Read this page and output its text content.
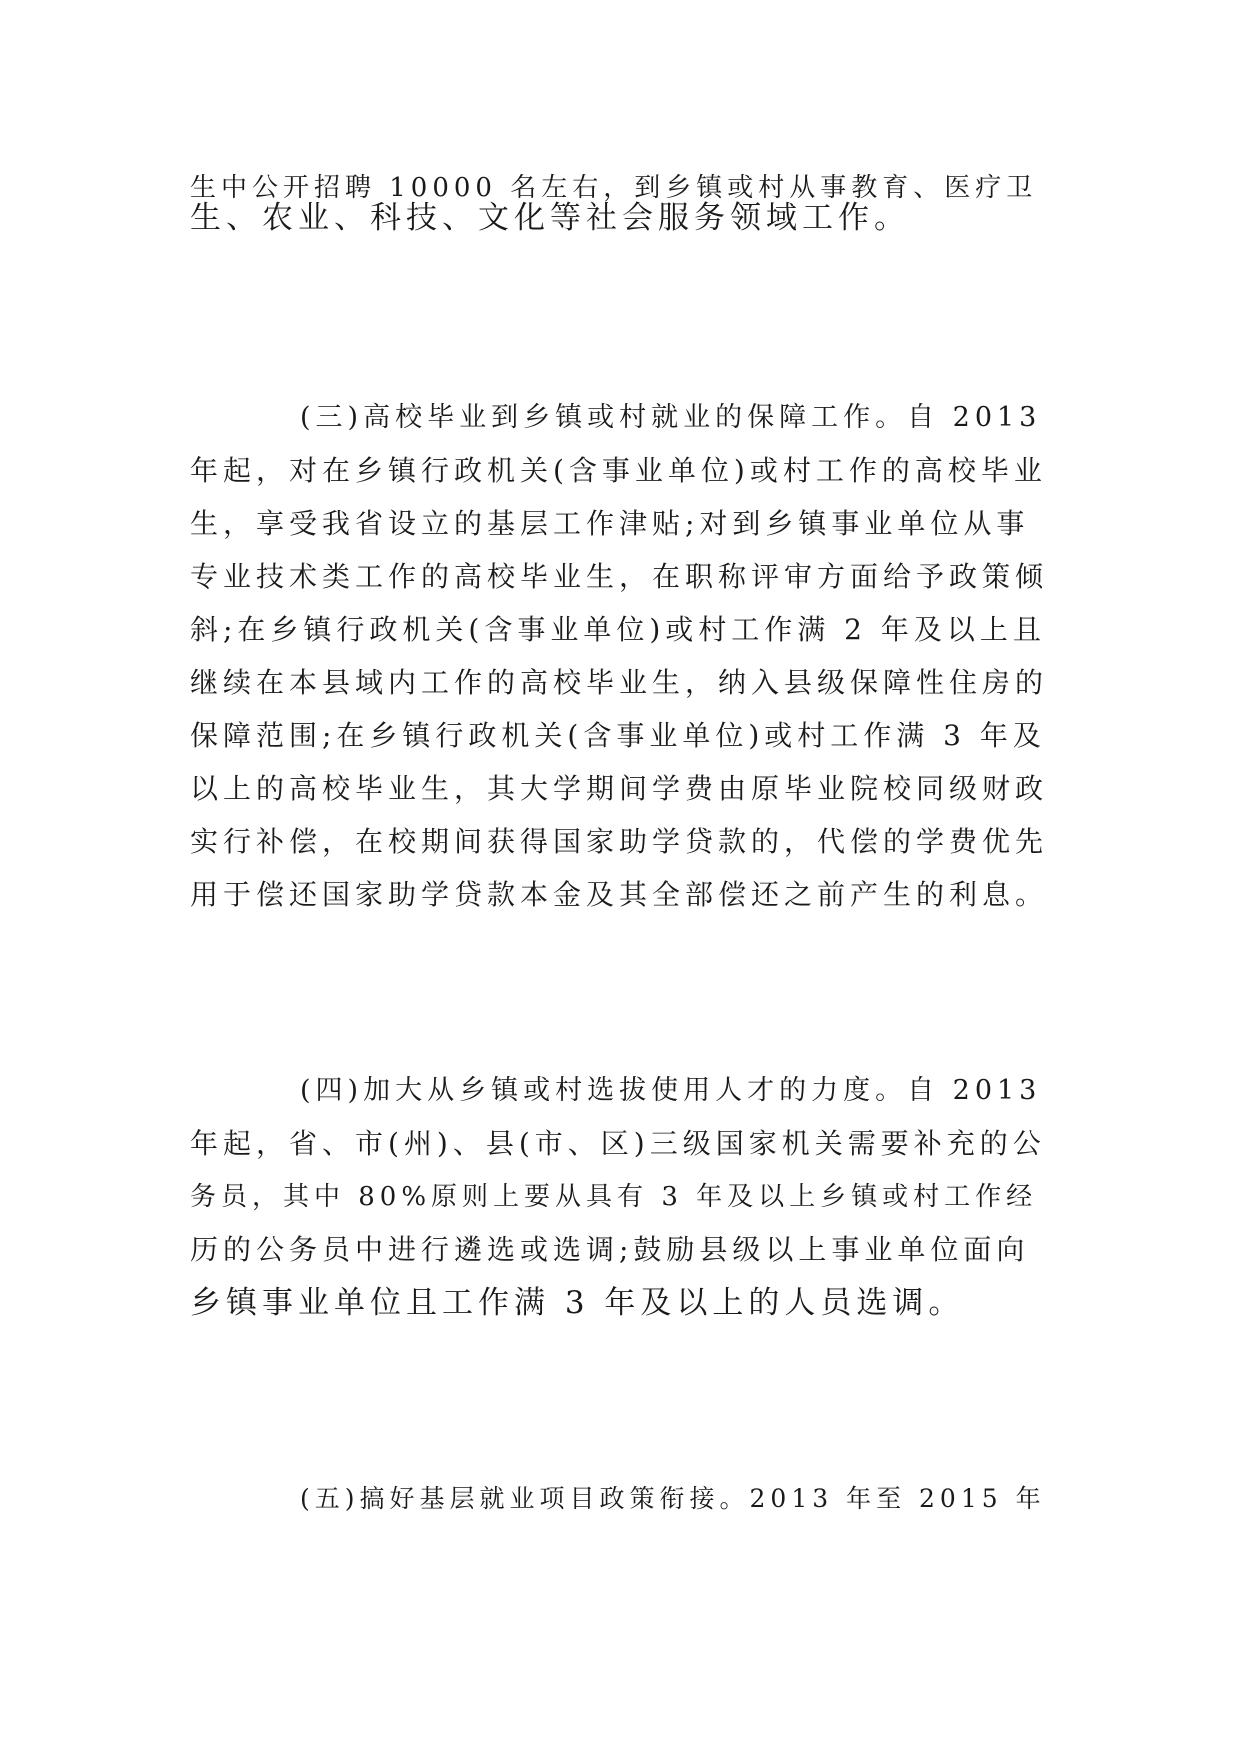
生中公开招聘 10000 名左右，到乡镇或村从事教育、医疗卫
生、农业、科技、文化等社会服务领域工作。
(三)高校毕业到乡镇或村就业的保障工作。自 2013
年起，对在乡镇行政机关(含事业单位)或村工作的高校毕业
生，享受我省设立的基层工作津贴;对到乡镇事业单位从事
专业技术类工作的高校毕业生，在职称评审方面给予政策倾
斜;在乡镇行政机关(含事业单位)或村工作满 2 年及以上且
继续在本县域内工作的高校毕业生，纳入县级保障性住房的
保障范围;在乡镇行政机关(含事业单位)或村工作满 3 年及
以上的高校毕业生，其大学期间学费由原毕业院校同级财政
实行补偿，在校期间获得国家助学贷款的，代偿的学费优先
用于偿还国家助学贷款本金及其全部偿还之前产生的利息。
(四)加大从乡镇或村选拔使用人才的力度。自 2013
年起，省、市(州)、县(市、区)三级国家机关需要补充的公
务员，其中 80%原则上要从具有 3 年及以上乡镇或村工作经
历的公务员中进行遴选或选调;鼓励县级以上事业单位面向
乡镇事业单位且工作满 3 年及以上的人员选调。
(五)搞好基层就业项目政策衔接。2013 年至 2015 年
